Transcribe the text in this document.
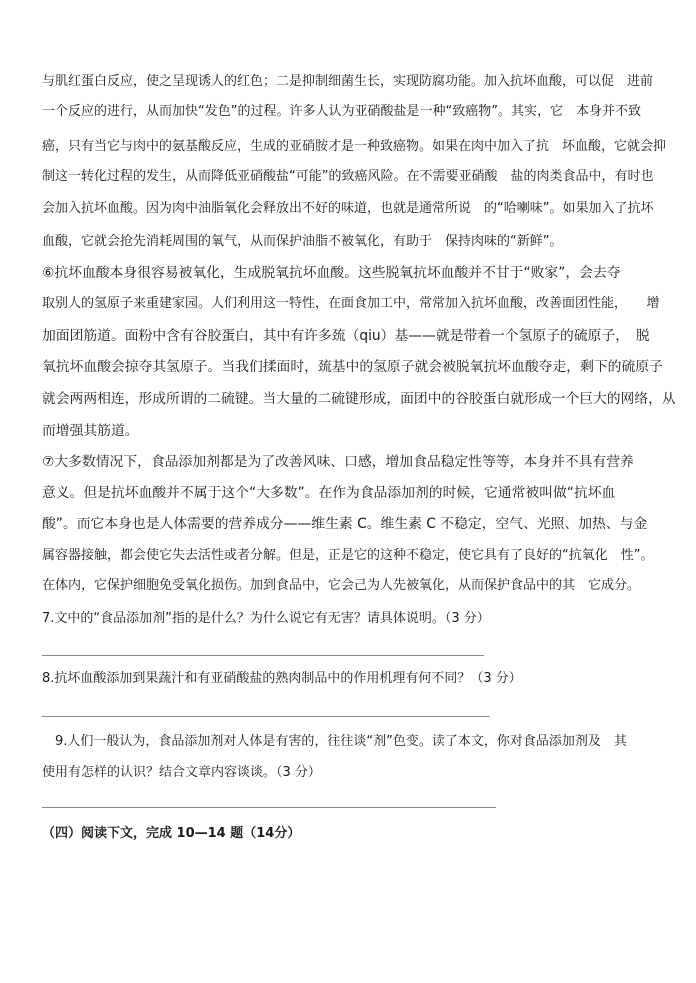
与肌红蛋白反应，使之呈现诱人的红色；二是抑制细菌生长，实现防腐功能。加入抗坏血酸，可以促　进前
一个反应的进行，从而加快“发色”的过程。许多人认为亚硝酸盐是一种“致癌物”。其实，它　本身并不致
癌，只有当它与肉中的氨基酸反应，生成的亚硝胺才是一种致癌物。如果在肉中加入了抗　坏血酸，它就会抑
制这一转化过程的发生，从而降低亚硝酸盐“可能”的致癌风险。在不需要亚硝酸　盐的肉类食品中，有时也
会加入抗坏血酸。因为肉中油脂氧化会释放出不好的味道，也就是通常所说　的“哈喇味”。如果加入了抗坏
血酸，它就会抢先消耗周围的氧气，从而保护油脂不被氧化，有助于　保持肉味的“新鲜”。
⑥抗坏血酸本身很容易被氧化，生成脱氧抗坏血酸。这些脱氧抗坏血酸并不甘于“败家”，会去夺
取别人的氢原子来重建家园。人们利用这一特性，在面食加工中，常常加入抗坏血酸，改善面团性能，　　增
加面团筋道。面粉中含有谷胶蛋白，其中有许多巯（qiu）基——就是带着一个氢原子的硫原子，　脱
氧抗坏血酸会掠夺其氢原子。当我们揉面时，巯基中的氢原子就会被脱氧抗坏血酸夺走，剩下的硫原子
就会两两相连，形成所谓的二硫键。当大量的二硫键形成，面团中的谷胶蛋白就形成一个巨大的网络，从
而增强其筋道。
⑦大多数情况下，食品添加剂都是为了改善风味、口感，增加食品稳定性等等，本身并不具有营养
意义。但是抗坏血酸并不属于这个“大多数”。在作为食品添加剂的时候，它通常被叫做“抗坏血
酸”。而它本身也是人体需要的营养成分——维生素 C。维生素 C 不稳定，空气、光照、加热、与金
属容器接触，都会使它失去活性或者分解。但是，正是它的这种不稳定，使它具有了良好的“抗氧化　性”。
在体内，它保护细胞免受氧化损伤。加到食品中，它会己为人先被氧化，从而保护食品中的其　它成分。
7.文中的“食品添加剂”指的是什么？为什么说它有无害？请具体说明。（3 分）
8.抗坏血酸添加到果蔬汁和有亚硝酸盐的熟肉制品中的作用机理有何不同？（3 分）
　9.人们一般认为，食品添加剂对人体是有害的，往往谈“剂”色变。读了本文，你对食品添加剂及　其
使用有怎样的认识？结合文章内容谈谈。（3 分）
（四）阅读下文，完成 10—14 题（14分）
